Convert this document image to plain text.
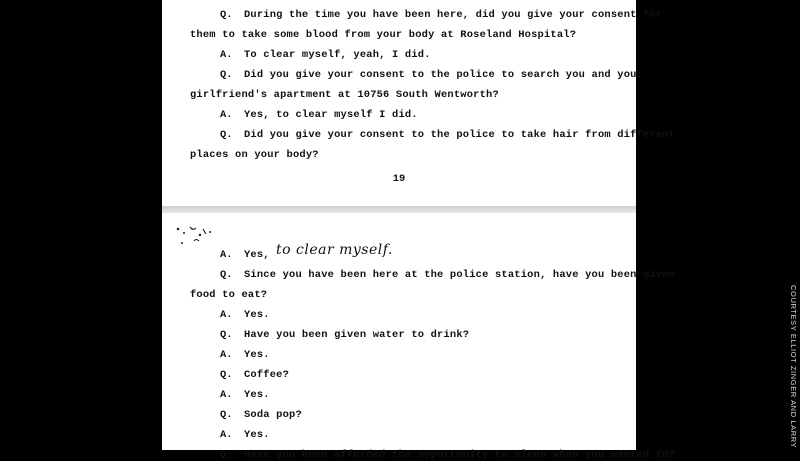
Q. During the time you have been here, did you give your consent for
them to take some blood from your body at Roseland Hospital?
A. To clear myself, yeah, I did.
Q. Did you give your consent to the police to search you and your
girlfriend's apartment at 10756 South Wentworth?
A. Yes, to clear myself I did.
Q. Did you give your consent to the police to take hair from different
places on your body?
19
A. Yes, to clear myself.
Q. Since you have been here at the police station, have you been given
food to eat?
A. Yes.
Q. Have you been given water to drink?
A. Yes.
Q. Coffee?
A. Yes.
Q. Soda pop?
A. Yes.
Q. Have you been afforded the opportunity to sleep when you wanted to?
COURTESY ELLIOT ZINGER AND LARRY
